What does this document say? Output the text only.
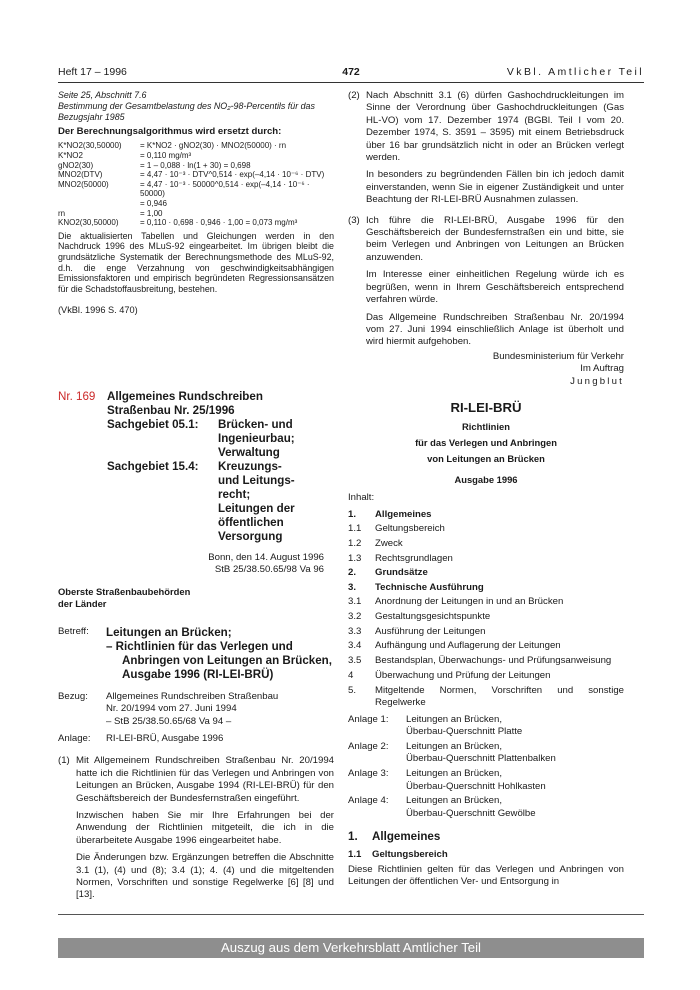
Heft 17 – 1996	472	VkBl. Amtlicher Teil
Seite 25, Abschnitt 7.6
Bestimmung der Gesamtbelastung des NO₂-98-Percentils für das
Bezugsjahr 1985
Der Berechnungsalgorithmus wird ersetzt durch:
K*NO2(30,50000)	= K*NO2 · gNO2(30) · MNO2(50000) · rn
K*NO2	= 0,110 mg/m³
gNO2(30)	= 1 – 0,088 · ln(1 + 30) = 0,698
MNO2(DTV)	= 4,47 · 10⁻³ · DTV^0,514 · exp(–4,14 · 10⁻⁶ · DTV)
MNO2(50000)	= 4,47 · 10⁻³ · 50000^0,514 · exp(–4,14 · 10⁻⁶ · 50000)
= 0,946
rn	= 1,00
KNO2(30,50000)	= 0,110 · 0,698 · 0,946 · 1,00 = 0,073 mg/m³
Die aktualisierten Tabellen und Gleichungen werden in den Nachdruck 1996 des MLuS-92 eingearbeitet. Im übrigen bleibt die grundsätzliche Systematik der Berechnungsmethode des MLuS-92, d.h. die enge Verzahnung von geschwindigkeitsabhängigen Emissionsfaktoren und empirisch begründeten Regressionsansätzen für die Schadstoffausbreitung, bestehen.
(VkBl. 1996 S. 470)
Nr. 169	Allgemeines Rundschreiben
Straßenbau Nr. 25/1996
Sachgebiet 05.1:	Brücken- und
Ingenieurbau;
Verwaltung
Sachgebiet 15.4:	Kreuzungs-
und Leitungs-
recht;
Leitungen der
öffentlichen
Versorgung
Bonn, den 14. August 1996
StB 25/38.50.65/98 Va 96
Oberste Straßenbaubehörden
der Länder
Betreff:	Leitungen an Brücken;
– Richtlinien für das Verlegen und Anbringen von Leitungen an Brücken, Ausgabe 1996 (RI-LEI-BRÜ)
Bezug:	Allgemeines Rundschreiben Straßenbau
Nr. 20/1994 vom 27. Juni 1994
– StB 25/38.50.65/68 Va 94 –
Anlage:	RI-LEI-BRÜ, Ausgabe 1996
(1) Mit Allgemeinem Rundschreiben Straßenbau Nr. 20/1994 hatte ich die Richtlinien für das Verlegen und Anbringen von Leitungen an Brücken, Ausgabe 1994 (RI-LEI-BRÜ) für den Geschäftsbereich der Bundesfernstraßen eingeführt.
Inzwischen haben Sie mir Ihre Erfahrungen bei der Anwendung der Richtlinien mitgeteilt, die ich in die überarbeitete Ausgabe 1996 eingearbeitet habe.
Die Änderungen bzw. Ergänzungen betreffen die Abschnitte 3.1 (1), (4) und (8); 3.4 (1); 4. (4) und die mitgeltenden Normen, Vorschriften und sonstige Regelwerke [6] [8] und [13].
(2) Nach Abschnitt 3.1 (6) dürfen Gashochdruckleitungen im Sinne der Verordnung über Gashochdruckleitungen (Gas HL-VO) vom 17. Dezember 1974 (BGBl. Teil I vom 20. Dezember 1974, S. 3591 – 3595) mit einem Betriebsdruck über 16 bar grundsätzlich nicht in oder an Brücken verlegt werden.
In besonders zu begründenden Fällen bin ich jedoch damit einverstanden, wenn Sie in eigener Zuständigkeit und unter Beachtung der RI-LEI-BRÜ Ausnahmen zulassen.
(3) Ich führe die RI-LEI-BRÜ, Ausgabe 1996 für den Geschäftsbereich der Bundesfernstraßen ein und bitte, sie beim Verlegen und Anbringen von Leitungen an Brücken anzuwenden.
Im Interesse einer einheitlichen Regelung würde ich es begrüßen, wenn in Ihrem Geschäftsbereich entsprechend verfahren würde.
Das Allgemeine Rundschreiben Straßenbau Nr. 20/1994 vom 27. Juni 1994 einschließlich Anlage ist überholt und wird hiermit aufgehoben.
Bundesministerium für Verkehr
Im Auftrag
Jungblut
RI-LEI-BRÜ
Richtlinien
für das Verlegen und Anbringen
von Leitungen an Brücken
Ausgabe 1996
Inhalt:
1.	Allgemeines
1.1	Geltungsbereich
1.2	Zweck
1.3	Rechtsgrundlagen
2.	Grundsätze
3.	Technische Ausführung
3.1	Anordnung der Leitungen in und an Brücken
3.2	Gestaltungsgesichtspunkte
3.3	Ausführung der Leitungen
3.4	Aufhängung und Auflagerung der Leitungen
3.5	Bestandsplan, Überwachungs- und Prüfungsanweisung
4	Überwachung und Prüfung der Leitungen
5.	Mitgeltende Normen, Vorschriften und sonstige Regelwerke
Anlage 1:	Leitungen an Brücken,
Überbau-Querschnitt Platte
Anlage 2:	Leitungen an Brücken,
Überbau-Querschnitt Plattenbalken
Anlage 3:	Leitungen an Brücken,
Überbau-Querschnitt Hohlkasten
Anlage 4:	Leitungen an Brücken,
Überbau-Querschnitt Gewölbe
1.	Allgemeines
1.1	Geltungsbereich
Diese Richtlinien gelten für das Verlegen und Anbringen von Leitungen der öffentlichen Ver- und Entsorgung in
Auszug aus dem Verkehrsblatt Amtlicher Teil
